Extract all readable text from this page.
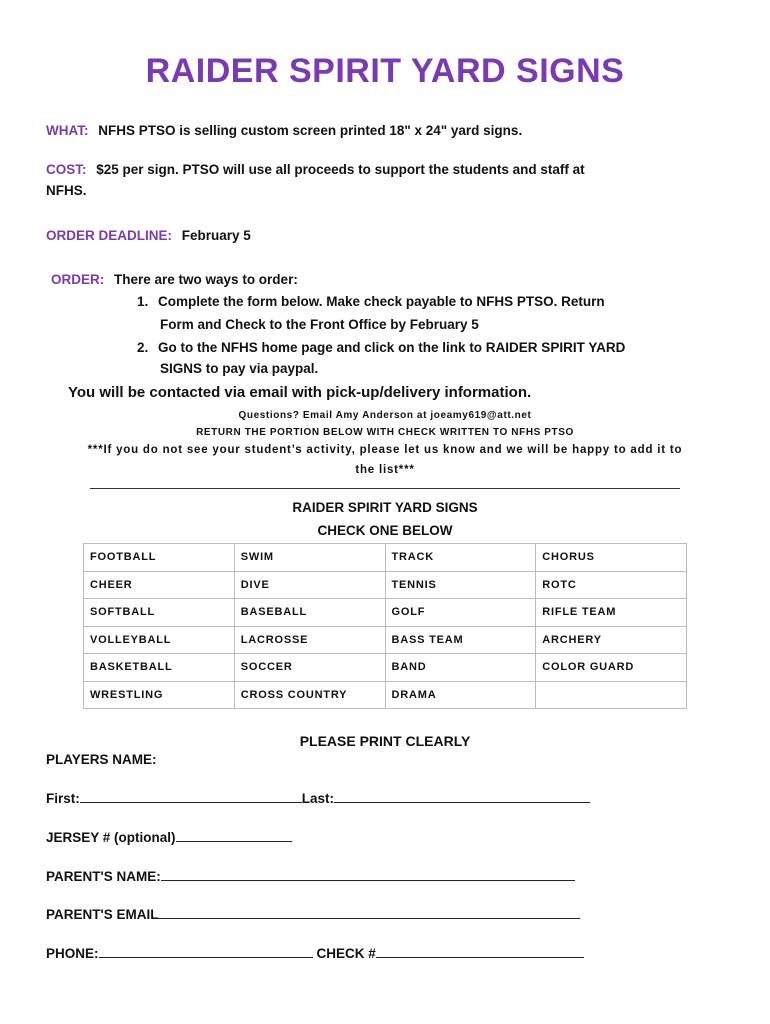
RAIDER SPIRIT YARD SIGNS
WHAT: NFHS PTSO is selling custom screen printed 18" x 24" yard signs.
COST: $25 per sign. PTSO will use all proceeds to support the students and staff at
NFHS.
ORDER DEADLINE: February 5
ORDER: There are two ways to order:
1. Complete the form below. Make check payable to NFHS PTSO. Return
Form and Check to the Front Office by February 5
2. Go to the NFHS home page and click on the link to RAIDER SPIRIT YARD
SIGNS to pay via paypal.
You will be contacted via email with pick-up/delivery information.
Questions? Email Amy Anderson at joeamy619@att.net
RETURN THE PORTION BELOW WITH CHECK WRITTEN TO NFHS PTSO
***If you do not see your student’s activity, please let us know and we will be happy to add it to
the list***
RAIDER SPIRIT YARD SIGNS
CHECK ONE BELOW
FOOTBALL	SWIM	TRACK	CHORUS
CHEER	DIVE	TENNIS	ROTC
SOFTBALL	BASEBALL	GOLF	RIFLE TEAM
VOLLEYBALL	LACROSSE	BASS TEAM	ARCHERY
BASKETBALL	SOCCER	BAND	COLOR GUARD
WRESTLING	CROSS COUNTRY	DRAMA	
PLEASE PRINT CLEARLY
PLAYERS NAME:
First:	Last:
JERSEY # (optional)
PARENT'S NAME:
PARENT'S EMAIL
PHONE:	CHECK #
